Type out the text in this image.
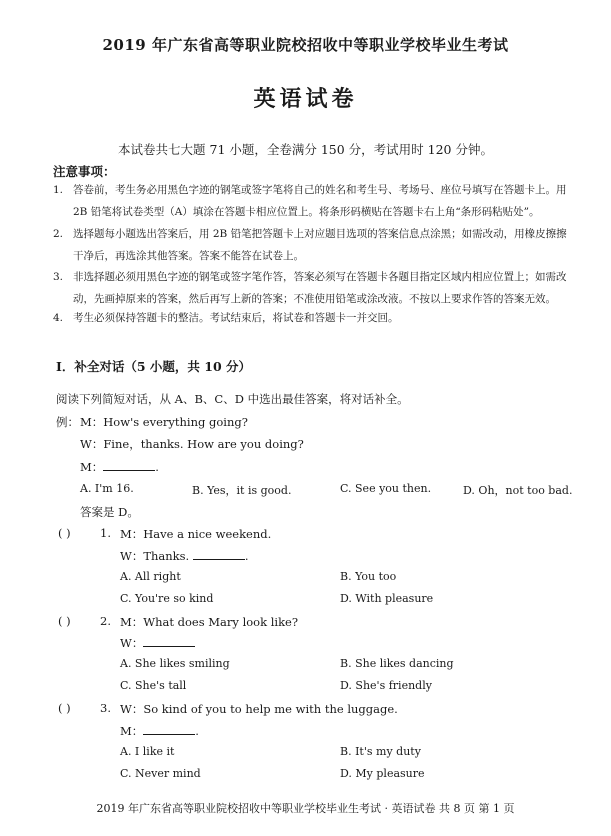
2019 年广东省高等职业院校招收中等职业学校毕业生考试
英语试卷
本试卷共七大题 71 小题，全卷满分 150 分，考试用时 120 分钟。
注意事项：
1. 答卷前，考生务必用黑色字迹的钢笔或签字笔将自己的姓名和考生号、考场号、座位号填写在答题卡上。用
2B 铅笔将试卷类型（A）填涂在答题卡相应位置上。将条形码横贴在答题卡右上角“条形码粘贴处”。
2. 选择题每小题选出答案后，用 2B 铅笔把答题卡上对应题目选项的答案信息点涂黑；如需改动，用橡皮擦擦
干净后，再选涂其他答案。答案不能答在试卷上。
3. 非选择题必须用黑色字迹的钢笔或签字笔作答，答案必须写在答题卡各题目指定区域内相应位置上；如需改
动，先画掉原来的答案，然后再写上新的答案；不准使用铅笔或涂改液。不按以上要求作答的答案无效。
4. 考生必须保持答题卡的整洁。考试结束后，将试卷和答题卡一并交回。
Ⅰ．补全对话（5 小题，共 10 分）
阅读下列简短对话，从 A、B、C、D 中选出最佳答案，将对话补全。
例： M：How's everything going?
W：Fine，thanks. How are you doing?
M：	.
A. I'm 16.	B. Yes，it is good.	C. See you then.	D. Oh，not too bad.
答案是 D。
( )	1. M：Have a nice weekend.
W：Thanks.	.
A. All right	B. You too
C. You're so kind	D. With pleasure
( )	2. M：What does Mary look like?
W：
A. She likes smiling	B. She likes dancing
C. She's tall	D. She's friendly
( )	3. W：So kind of you to help me with the luggage.
M：	.
A. I like it	B. It's my duty
C. Never mind	D. My pleasure
2019 年广东省高等职业院校招收中等职业学校毕业生考试 · 英语试卷 共 8 页 第 1 页
